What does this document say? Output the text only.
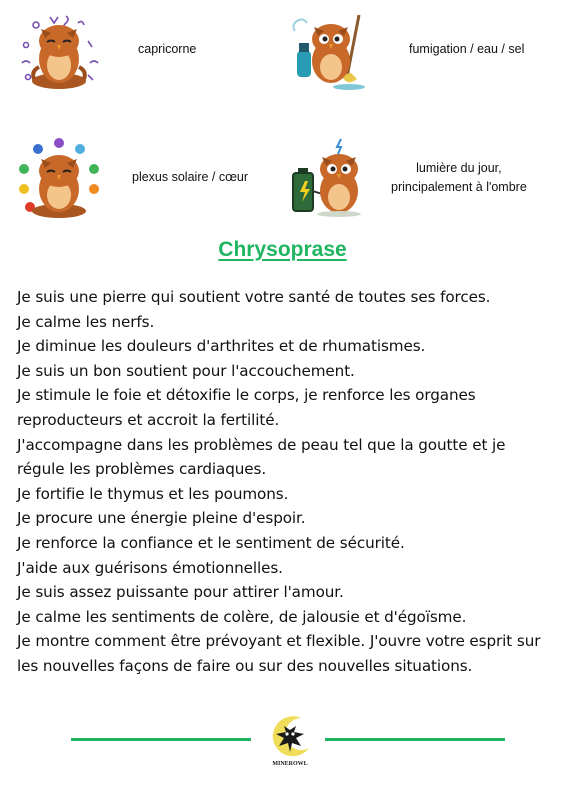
capricorne	fumigation / eau / sel
plexus solaire / cœur
lumière du jour,
principalement à l'ombre
Chrysoprase

Je suis une pierre qui soutient votre santé de toutes ses forces.

Je calme les nerfs.

Je diminue les douleurs d'arthrites et de rhumatismes.

Je suis un bon soutient pour l'accouchement.

Je stimule le foie et détoxifie le corps, je renforce les organes reproducteurs et accroit la fertilité.

J'accompagne dans les problèmes de peau tel que la goutte et je régule les problèmes cardiaques.

Je fortifie le thymus et les poumons.

Je procure une énergie pleine d'espoir.

Je renforce la confiance et le sentiment de sécurité.

J'aide aux guérisons émotionnelles.

Je suis assez puissante pour attirer l'amour.

Je calme les sentiments de colère, de jalousie et d'égoïsme.

Je montre comment être prévoyant et flexible. J'ouvre votre esprit sur les nouvelles façons de faire ou sur des nouvelles situations.

MINEROWL
